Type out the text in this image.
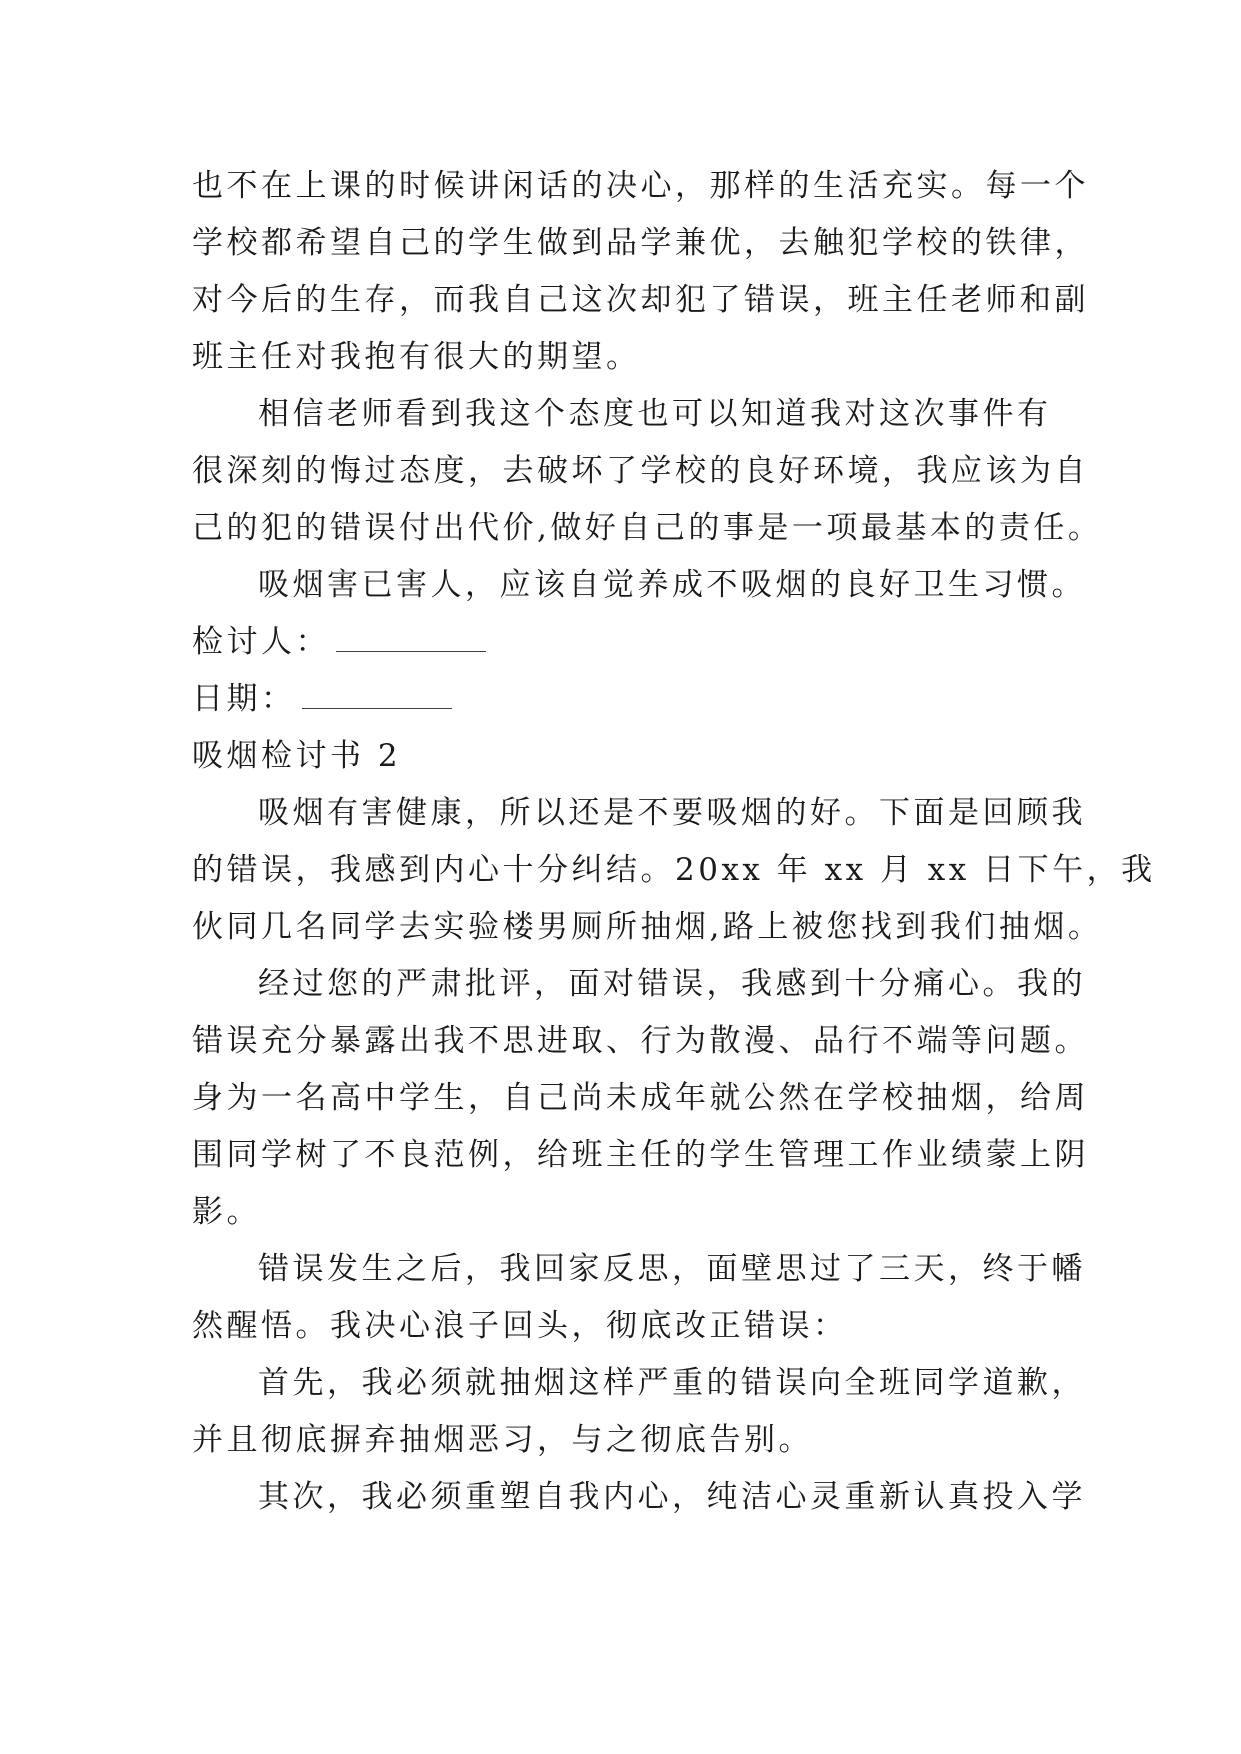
也不在上课的时候讲闲话的决心，那样的生活充实。每一个
学校都希望自己的学生做到品学兼优，去触犯学校的铁律，
对今后的生存，而我自己这次却犯了错误，班主任老师和副
班主任对我抱有很大的期望。
相信老师看到我这个态度也可以知道我对这次事件有
很深刻的悔过态度，去破坏了学校的良好环境，我应该为自
己的犯的错误付出代价,做好自己的事是一项最基本的责任。
吸烟害已害人，应该自觉养成不吸烟的良好卫生习惯。
检讨人：
日期：
吸烟检讨书 2
吸烟有害健康，所以还是不要吸烟的好。下面是回顾我
的错误，我感到内心十分纠结。20xx 年 xx 月 xx 日下午，我
伙同几名同学去实验楼男厕所抽烟,路上被您找到我们抽烟。
经过您的严肃批评，面对错误，我感到十分痛心。我的
错误充分暴露出我不思进取、行为散漫、品行不端等问题。
身为一名高中学生，自己尚未成年就公然在学校抽烟，给周
围同学树了不良范例，给班主任的学生管理工作业绩蒙上阴
影。
错误发生之后，我回家反思，面壁思过了三天，终于幡
然醒悟。我决心浪子回头，彻底改正错误：
首先，我必须就抽烟这样严重的错误向全班同学道歉，
并且彻底摒弃抽烟恶习，与之彻底告别。
其次，我必须重塑自我内心，纯洁心灵重新认真投入学
